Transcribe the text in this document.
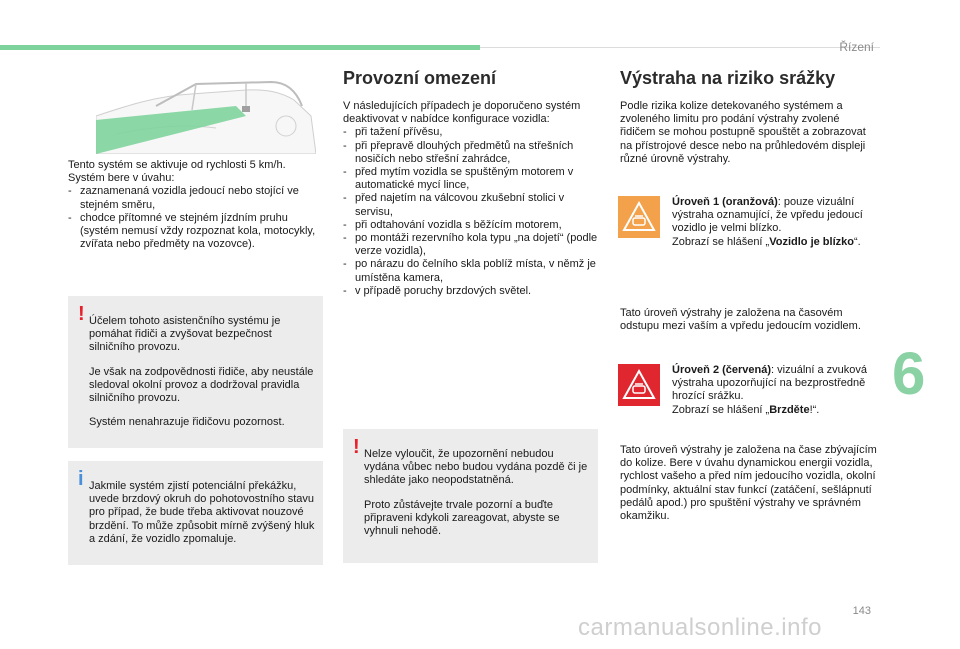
Řízení

Tento systém se aktivuje od rychlosti 5 km/h.

Systém bere v úvahu:

- zaznamenaná vozidla jedoucí nebo stojící ve stejném směru,
- chodce přítomné ve stejném jízdním pruhu (systém nemusí vždy rozpoznat kola, motocykly, zvířata nebo předměty na vozovce).
! Účelem tohoto asistenčního systému je pomáhat řidiči a zvyšovat bezpečnost silničního provozu.

Je však na zodpovědnosti řidiče, aby neustále sledoval okolní provoz a dodržoval pravidla silničního provozu.

Systém nenahrazuje řidičovu pozornost.

i Jakmile systém zjistí potenciální překážku, uvede brzdový okruh do pohotovostního stavu pro případ, že bude třeba aktivovat nouzové brzdění. To může způsobit mírně zvýšený hluk a zdání, že vozidlo zpomaluje.

Provozní omezení

V následujících případech je doporučeno systém deaktivovat v nabídce konfigurace vozidla:

- při tažení přívěsu,
- při přepravě dlouhých předmětů na střešních nosičích nebo střešní zahrádce,
- před mytím vozidla se spuštěným motorem v automatické mycí lince,
- před najetím na válcovou zkušební stolici v servisu,
- při odtahování vozidla s běžícím motorem,
- po montáži rezervního kola typu „na dojetí“ (podle verze vozidla),
- po nárazu do čelního skla poblíž místa, v němž je umístěna kamera,
- v případě poruchy brzdových světel.
! Nelze vyloučit, že upozornění nebudou vydána vůbec nebo budou vydána pozdě či je shledáte jako neopodstatněná.

Proto zůstávejte trvale pozorní a buďte připraveni kdykoli zareagovat, abyste se vyhnuli nehodě.

Výstraha na riziko srážky

Podle rizika kolize detekovaného systémem a zvoleného limitu pro podání výstrahy zvolené řidičem se mohou postupně spouštět a zobrazovat na přístrojové desce nebo na průhledovém displeji různé úrovně výstrahy.

Úroveň 1 (oranžová): pouze vizuální výstraha oznamující, že vpředu jedoucí vozidlo je velmi blízko.
Zobrazí se hlášení „Vozidlo je blízko“.
Tato úroveň výstrahy je založena na časovém odstupu mezi vaším a vpředu jedoucím vozidlem.
Úroveň 2 (červená): vizuální a zvuková výstraha upozorňující na bezprostředně hrozící srážku.
Zobrazí se hlášení „Brzděte!“.
Tato úroveň výstrahy je založena na čase zbývajícím do kolize. Bere v úvahu dynamickou energii vozidla, rychlost vašeho a před ním jedoucího vozidla, okolní podmínky, aktuální stav funkcí (zatáčení, sešlápnutí pedálů apod.) pro spuštění výstrahy ve správném okamžiku.
6
143
carmanualsonline.info
